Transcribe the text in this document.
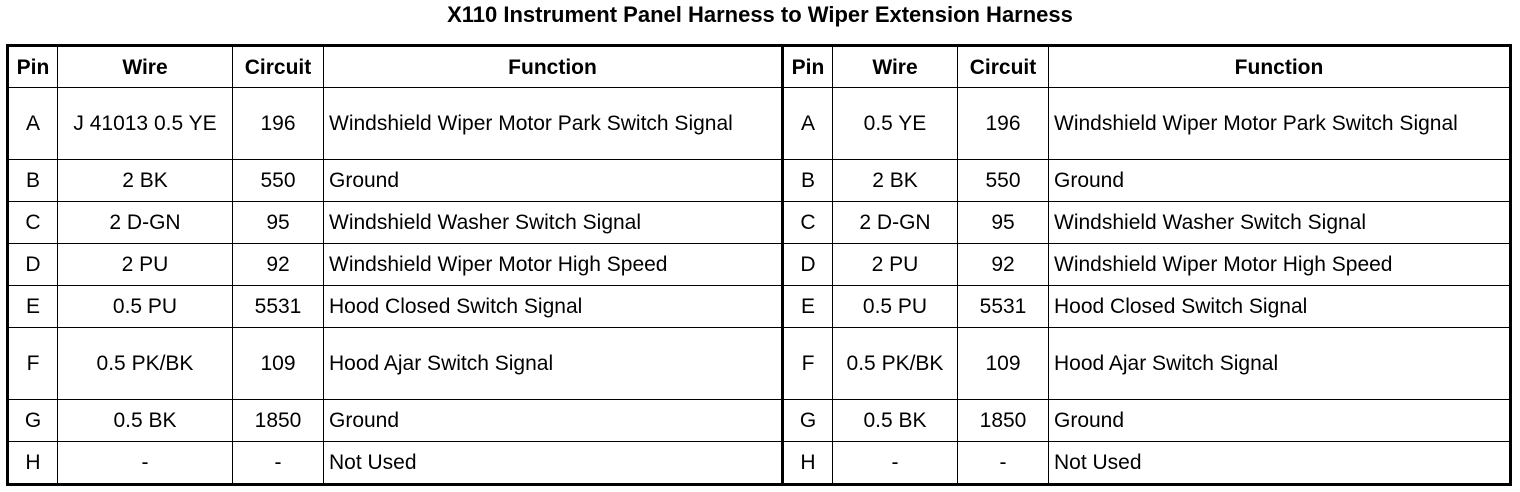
X110 Instrument Panel Harness to Wiper Extension Harness
Pin	Wire	Circuit	Function	Pin	Wire	Circuit	Function
A	J 41013 0.5 YE	196	Windshield Wiper Motor Park Switch Signal	A	0.5 YE	196	Windshield Wiper Motor Park Switch Signal
B	2 BK	550	Ground	B	2 BK	550	Ground
C	2 D-GN	95	Windshield Washer Switch Signal	C	2 D-GN	95	Windshield Washer Switch Signal
D	2 PU	92	Windshield Wiper Motor High Speed	D	2 PU	92	Windshield Wiper Motor High Speed
E	0.5 PU	5531	Hood Closed Switch Signal	E	0.5 PU	5531	Hood Closed Switch Signal
F	0.5 PK/BK	109	Hood Ajar Switch Signal	F	0.5 PK/BK	109	Hood Ajar Switch Signal
G	0.5 BK	1850	Ground	G	0.5 BK	1850	Ground
H	-	-	Not Used	H	-	-	Not Used
